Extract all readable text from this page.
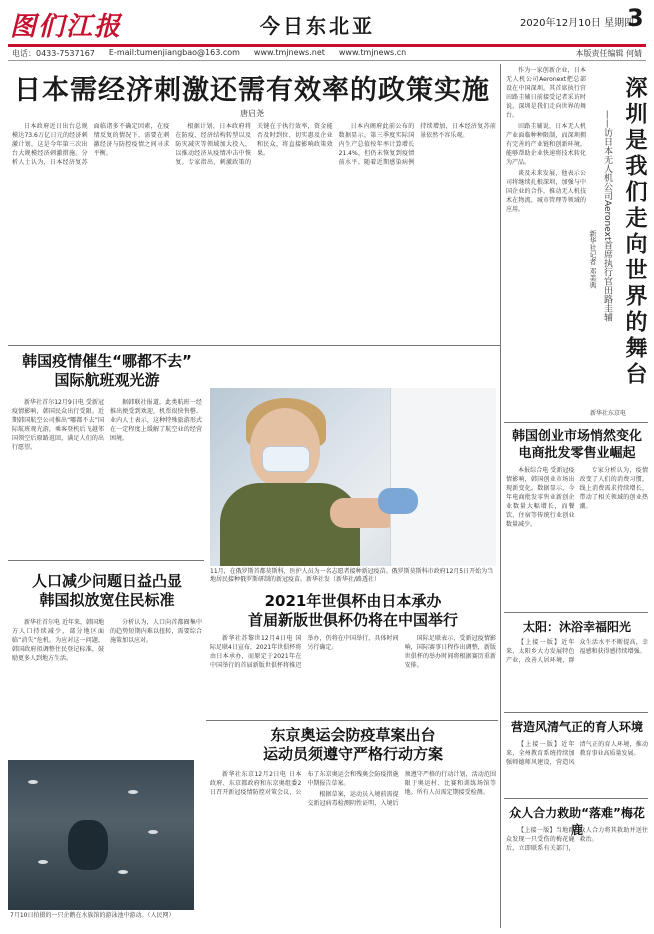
图们江报	今日东北亚	2020年12月10日 星期四
3
电话：0433-7537167 E-mail:tumenjiangbao@163.com www.tmjnews.net www.tmjnews.cn	本版责任编辑 何婧
日本需经济刺激还需有效率的政策实施
唐启尧

日本政府近日出台总规模达73.6万亿日元的经济刺激计划，这是今年第三次出台大规模经济刺激措施。分析人士认为，日本经济复苏面临诸多不确定因素，在疫情反复的情况下，需要在刺激经济与防控疫情之间寻求平衡。

根据计划，日本政府将在防疫、经济结构转型以及防灾减灾等领域加大投入，以推动经济从疫情冲击中恢复。专家指出，刺激政策的关键在于执行效率，资金能否及时到位、切实惠及企业和民众，将直接影响政策效果。

日本内阁府此前公布的数据显示，第三季度实际国内生产总值按年率计算增长21.4%，但仍未恢复到疫情前水平。随着近期感染病例持续增加，日本经济复苏前景依然不容乐观。

韩国疫情催生“哪都不去”
国际航班观光游

新华社首尔12月9日电 受新冠疫情影响，韩国民众出行受限。近期韩国航空公司推出“哪都不去”国际航班观光游，乘客登机后飞越邻国领空后原路返回，满足人们的出行愿望。

据韩联社报道，此类航班一经推出便受到欢迎，机票很快售罄。业内人士表示，这种特殊旅游形式在一定程度上缓解了航空业的经营困境。

人口减少问题日益凸显
韩国拟放宽住民标准

新华社首尔电 近年来，韩国地方人口持续减少，部分地区面临“消失”危机。为应对这一问题，韩国政府拟调整住民登记标准，鼓励更多人到地方生活。

分析认为，人口向首都圈集中的趋势短期内难以扭转，需要综合施策加以应对。

7月10日拍摄的一只企鹅在水族馆的游泳池中游动。（人民网）
11月，在俄罗斯首都莫斯科，医护人员为一名志愿者接种新冠疫苗。俄罗斯莫斯科市政府12月5日开始为当地居民接种俄罗斯研制的新冠疫苗。新华社发（新华社/路透社）
2021年世俱杯由日本承办
首届新版世俱杯仍将在中国举行

新华社苏黎世12月4日电 国际足联4日宣布，2021年世俱杯将由日本承办，而原定于2021年在中国举行的首届新版世俱杯将推迟举办，仍将在中国举行，具体时间另行确定。

国际足联表示，受新冠疫情影响，国际赛事日程作出调整，新版世俱杯的举办时间将根据赛历重新安排。

东京奥运会防疫草案出台
运动员须遵守严格行动方案

新华社东京12月2日电 日本政府、东京都政府和东京奥组委2日召开新冠疫情防控对策会议，公布了东京奥运会和残奥会防疫措施中期报告草案。

根据草案，运动员入境前需提交新冠病毒检测阴性证明，入境后须遵守严格的行动计划，活动范围限于奥运村、比赛和训练场馆等地。所有人员需定期接受检测。

作为一家创新企业，日本无人机公司Aeronext把总部设在中国深圳。其首席执行官田路圭辅日前接受记者采访时说，深圳是我们走向世界的舞台。

田路圭辅说，日本无人机产业面临种种限制，而深圳拥有完善的产业链和创新环境，能够帮助企业快速将技术转化为产品。

谈及未来发展，他表示公司将继续扎根深圳，加强与中国企业的合作，推动无人机技术在物流、城市管理等领域的应用。	深圳是我们走向世界的舞台
——访日本无人机公司Aeronext首席执行官田路圭辅
新华社记者 邓美典
新华社东京电
韩国创业市场悄然变化
电商批发零售业崛起

本报综合电 受新冠疫情影响，韩国创业市场出现新变化。数据显示，今年电商批发零售业新创企业数量大幅增长，而餐饮、住宿等传统行业创业数量减少。

专家分析认为，疫情改变了人们的消费习惯，线上消费需求持续增长，带动了相关领域的创业热潮。

太阳：沐浴幸福阳光

【上接一版】近年来，太阳乡大力发展特色产业，改善人居环境，群众生活水平不断提高，幸福感和获得感持续增强。

营造风清气正的育人环境

【上接一版】近年来，全州教育系统持续加强师德师风建设，营造风清气正的育人环境，推动教育事业高质量发展。

众人合力救助“落难”梅花鹿

【上接一版】当地群众发现一只受伤的梅花鹿后，立即联系有关部门，众人合力将其救助并送往救治。
